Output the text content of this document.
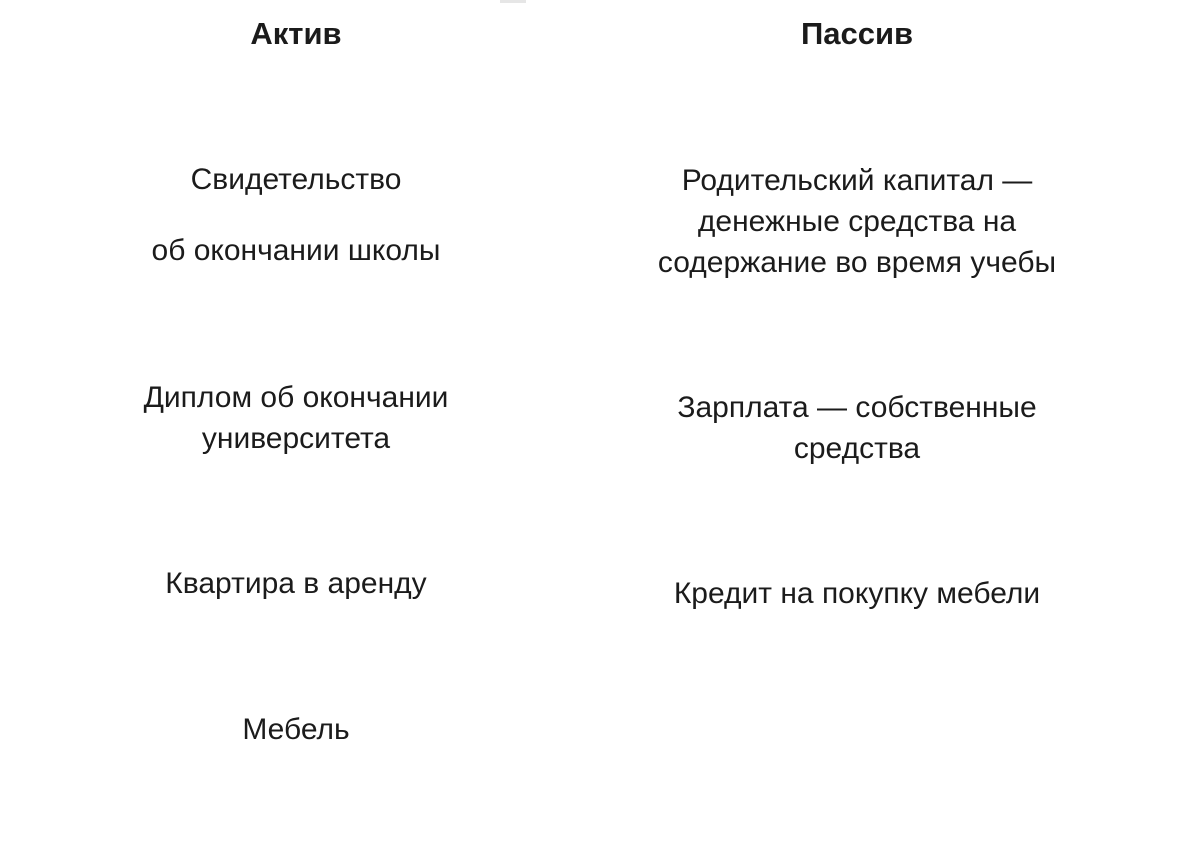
Актив	Пассив
Свидетельство
об окончании школы
Диплом об окончании
университета
Квартира в аренду
Мебель
Родительский капитал —
денежные средства на
содержание во время учебы
Зарплата — собственные
средства
Кредит на покупку мебели
